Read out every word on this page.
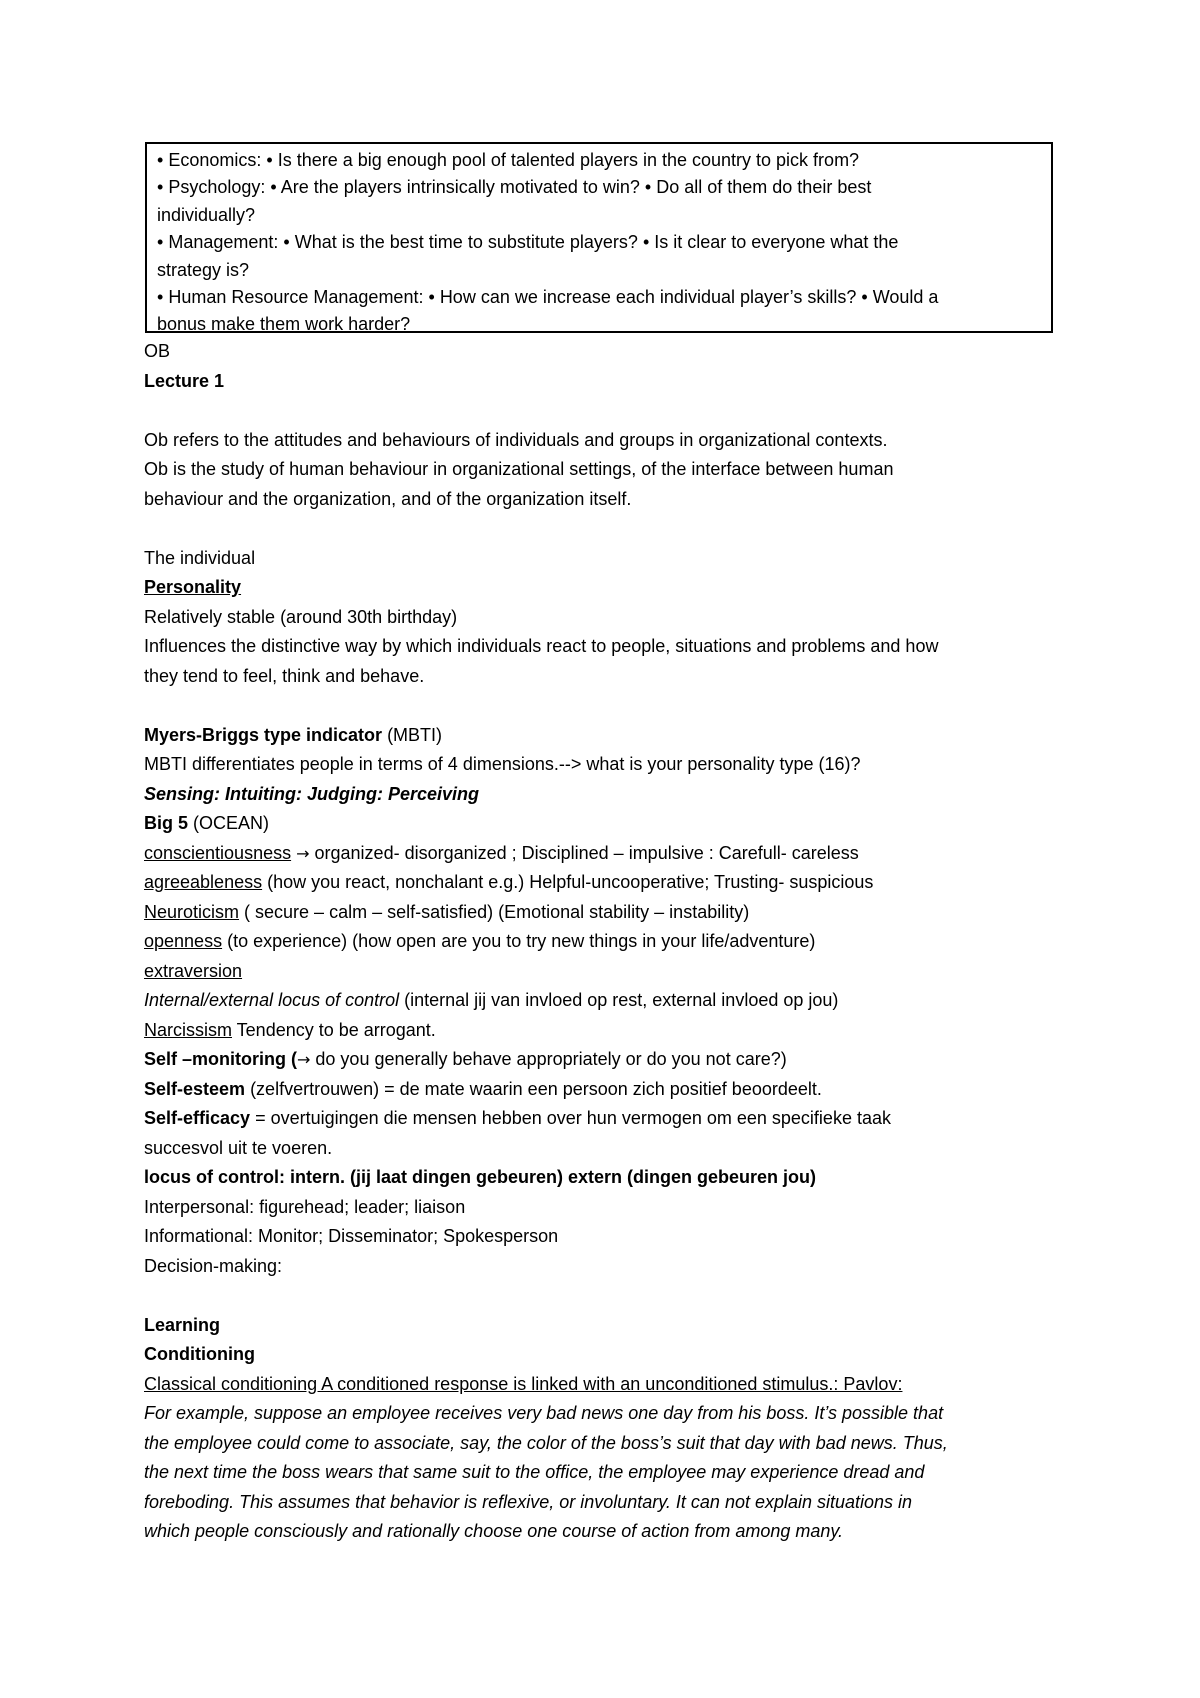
• Economics: • Is there a big enough pool of talented players in the country to pick from?
• Psychology: • Are the players intrinsically motivated to win? • Do all of them do their best
individually?
• Management: • What is the best time to substitute players? • Is it clear to everyone what the
strategy is?
• Human Resource Management: • How can we increase each individual player’s skills? • Would a
bonus make them work harder?
OB
Lecture 1
Ob refers to the attitudes and behaviours of individuals and groups in organizational contexts.
Ob is the study of human behaviour in organizational settings, of the interface between human
behaviour and the organization, and of the organization itself.
The individual
Personality
Relatively stable (around 30th birthday)
Influences the distinctive way by which individuals react to people, situations and problems and how
they tend to feel, think and behave.
Myers-Briggs type indicator (MBTI)
MBTI differentiates people in terms of 4 dimensions.--> what is your personality type (16)?
Sensing: Intuiting: Judging: Perceiving
Big 5 (OCEAN)
conscientiousness → organized- disorganized ; Disciplined – impulsive : Carefull- careless
agreeableness (how you react, nonchalant e.g.) Helpful-uncooperative; Trusting- suspicious
Neuroticism ( secure – calm – self-satisfied) (Emotional stability – instability)
openness (to experience) (how open are you to try new things in your life/adventure)
extraversion
Internal/external locus of control (internal jij van invloed op rest, external invloed op jou)
Narcissism Tendency to be arrogant.
Self –monitoring (→ do you generally behave appropriately or do you not care?)
Self-esteem (zelfvertrouwen) = de mate waarin een persoon zich positief beoordeelt.
Self-efficacy = overtuigingen die mensen hebben over hun vermogen om een specifieke taak
succesvol uit te voeren.
locus of control: intern. (jij laat dingen gebeuren) extern (dingen gebeuren jou)
Interpersonal: figurehead; leader; liaison
Informational: Monitor; Disseminator; Spokesperson
Decision-making:
Learning
Conditioning
Classical conditioning A conditioned response is linked with an unconditioned stimulus.: Pavlov:
For example, suppose an employee receives very bad news one day from his boss. It’s possible that
the employee could come to associate, say, the color of the boss’s suit that day with bad news. Thus,
the next time the boss wears that same suit to the office, the employee may experience dread and
foreboding. This assumes that behavior is reflexive, or involuntary. It can not explain situations in
which people consciously and rationally choose one course of action from among many.
